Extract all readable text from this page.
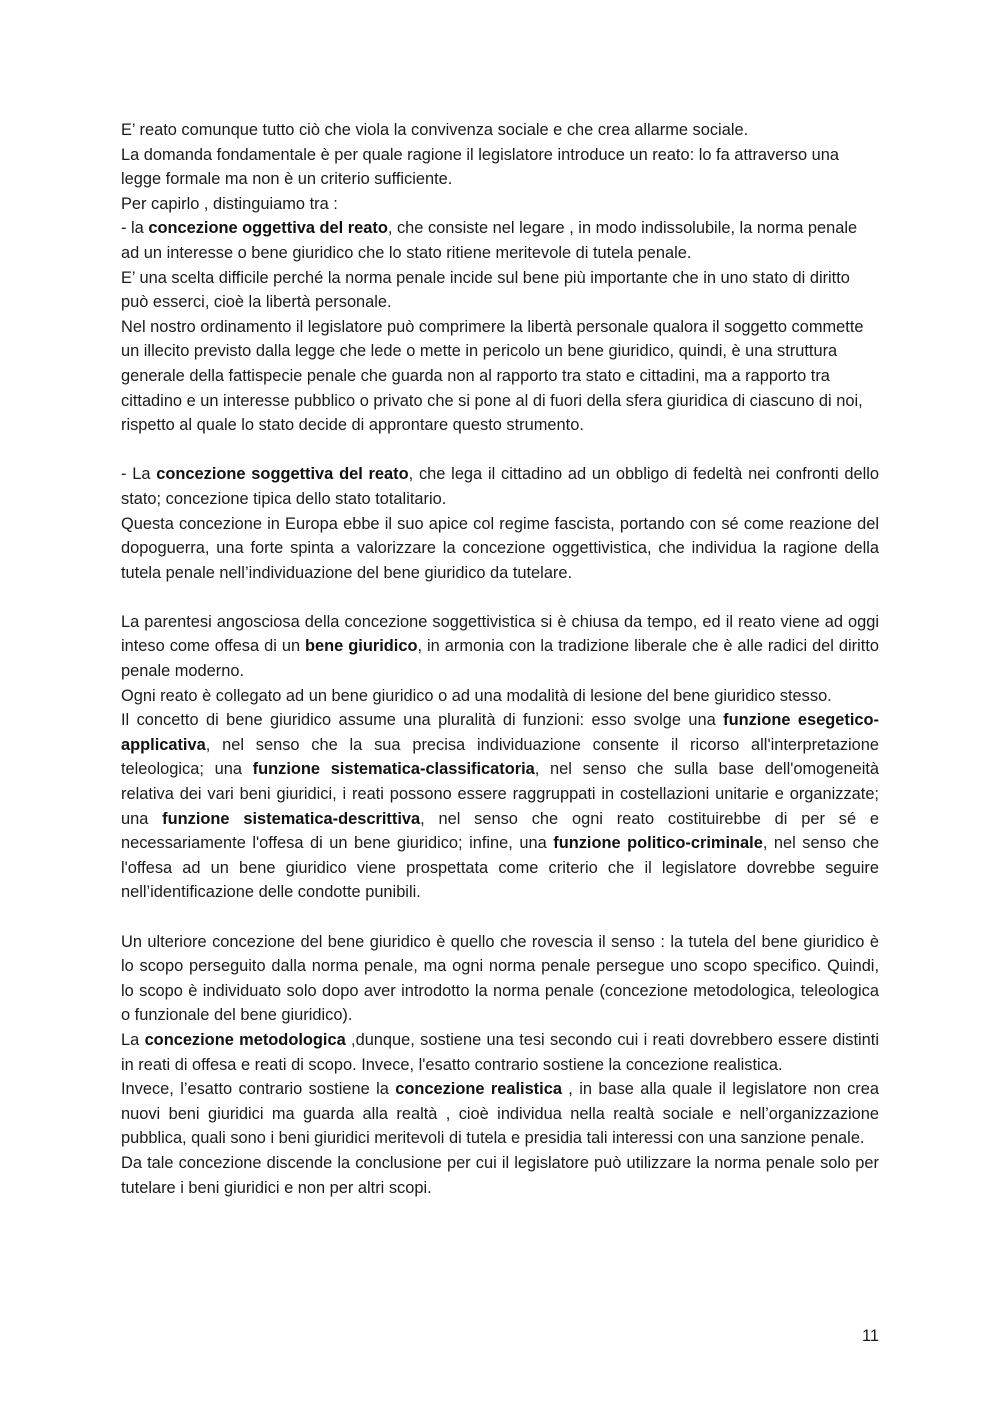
E’ reato comunque tutto ciò che viola la convivenza sociale e che crea allarme sociale.

La domanda fondamentale è per quale ragione il legislatore introduce un reato: lo fa attraverso una legge formale ma non è un criterio sufficiente.

Per capirlo , distinguiamo tra :

- la concezione oggettiva del reato, che consiste nel legare , in modo indissolubile, la norma penale ad un interesse o bene giuridico che lo stato ritiene meritevole di tutela penale.

E’ una scelta difficile perché la norma penale incide sul bene più importante che in uno stato di diritto può esserci, cioè la libertà personale.

Nel nostro ordinamento il legislatore può comprimere la libertà personale qualora il soggetto commette un illecito previsto dalla legge che lede o mette in pericolo un bene giuridico, quindi, è una struttura generale della fattispecie penale che guarda non al rapporto tra stato e cittadini, ma a rapporto tra cittadino e un interesse pubblico o privato che si pone al di fuori della sfera giuridica di ciascuno di noi, rispetto al quale lo stato decide di approntare questo strumento.

- La concezione soggettiva del reato, che lega il cittadino ad un obbligo di fedeltà nei confronti dello stato; concezione tipica dello stato totalitario.

Questa concezione in Europa ebbe il suo apice col regime fascista, portando con sé come reazione del dopoguerra, una forte spinta a valorizzare la concezione oggettivistica, che individua la ragione della tutela penale nell’individuazione del bene giuridico da tutelare.

La parentesi angosciosa della concezione soggettivistica si è chiusa da tempo, ed il reato viene ad oggi inteso come offesa di un bene giuridico, in armonia con la tradizione liberale che è alle radici del diritto penale moderno.

Ogni reato è collegato ad un bene giuridico o ad una modalità di lesione del bene giuridico stesso.

Il concetto di bene giuridico assume una pluralità di funzioni: esso svolge una funzione esegetico-applicativa, nel senso che la sua precisa individuazione consente il ricorso all'interpretazione teleologica; una funzione sistematica-classificatoria, nel senso che sulla base dell'omogeneità relativa dei vari beni giuridici, i reati possono essere raggruppati in costellazioni unitarie e organizzate; una funzione sistematica-descrittiva, nel senso che ogni reato costituirebbe di per sé e necessariamente l'offesa di un bene giuridico; infine, una funzione politico-criminale, nel senso che l'offesa ad un bene giuridico viene prospettata come criterio che il legislatore dovrebbe seguire nell’identificazione delle condotte punibili.

Un ulteriore concezione del bene giuridico è quello che rovescia il senso : la tutela del bene giuridico è lo scopo perseguito dalla norma penale, ma ogni norma penale persegue uno scopo specifico. Quindi, lo scopo è individuato solo dopo aver introdotto la norma penale (concezione metodologica, teleologica o funzionale del bene giuridico).

La concezione metodologica ,dunque, sostiene una tesi secondo cui i reati dovrebbero essere distinti in reati di offesa e reati di scopo. Invece, l'esatto contrario sostiene la concezione realistica.

Invece, l’esatto contrario sostiene la concezione realistica , in base alla quale il legislatore non crea nuovi beni giuridici ma guarda alla realtà , cioè individua nella realtà sociale e nell’organizzazione pubblica, quali sono i beni giuridici meritevoli di tutela e presidia tali interessi con una sanzione penale.

Da tale concezione discende la conclusione per cui il legislatore può utilizzare la norma penale solo per tutelare i beni giuridici e non per altri scopi.

11
